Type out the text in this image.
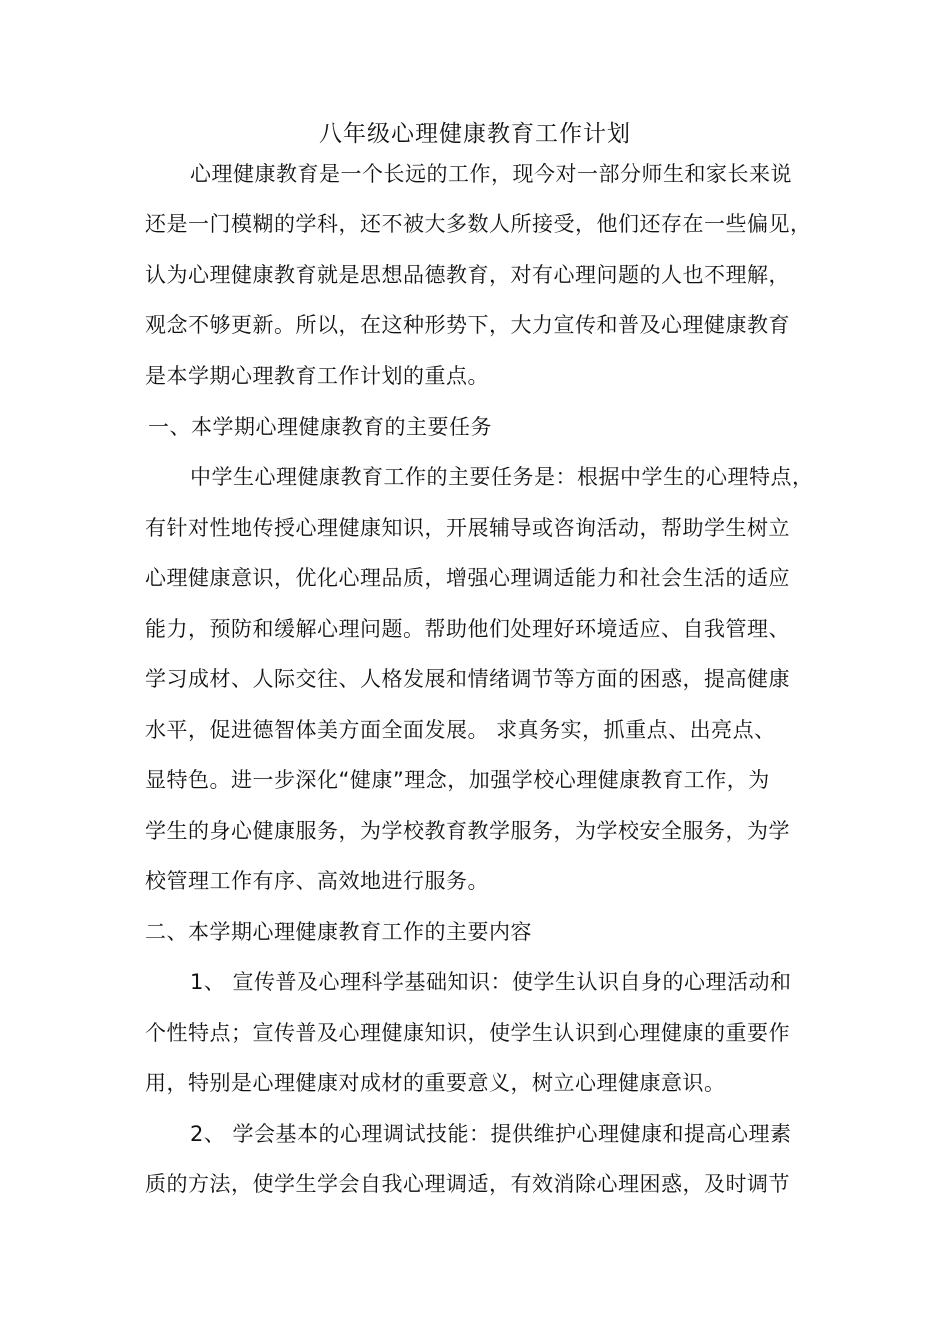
八年级心理健康教育工作计划
心理健康教育是一个长远的工作，现今对一部分师生和家长来说
还是一门模糊的学科，还不被大多数人所接受，他们还存在一些偏见，
认为心理健康教育就是思想品德教育，对有心理问题的人也不理解，
观念不够更新。所以，在这种形势下，大力宣传和普及心理健康教育
是本学期心理教育工作计划的重点。
一、本学期心理健康教育的主要任务
中学生心理健康教育工作的主要任务是：根据中学生的心理特点，
有针对性地传授心理健康知识，开展辅导或咨询活动，帮助学生树立
心理健康意识，优化心理品质，增强心理调适能力和社会生活的适应
能力，预防和缓解心理问题。帮助他们处理好环境适应、自我管理、
学习成材、人际交往、人格发展和情绪调节等方面的困惑，提高健康
水平，促进德智体美方面全面发展。 求真务实，抓重点、出亮点、
显特色。进一步深化“健康”理念，加强学校心理健康教育工作，为
学生的身心健康服务，为学校教育教学服务，为学校安全服务，为学
校管理工作有序、高效地进行服务。
二、本学期心理健康教育工作的主要内容
1、 宣传普及心理科学基础知识：使学生认识自身的心理活动和
个性特点；宣传普及心理健康知识，使学生认识到心理健康的重要作
用，特别是心理健康对成材的重要意义，树立心理健康意识。
2、 学会基本的心理调试技能：提供维护心理健康和提高心理素
质的方法，使学生学会自我心理调适，有效消除心理困惑，及时调节
